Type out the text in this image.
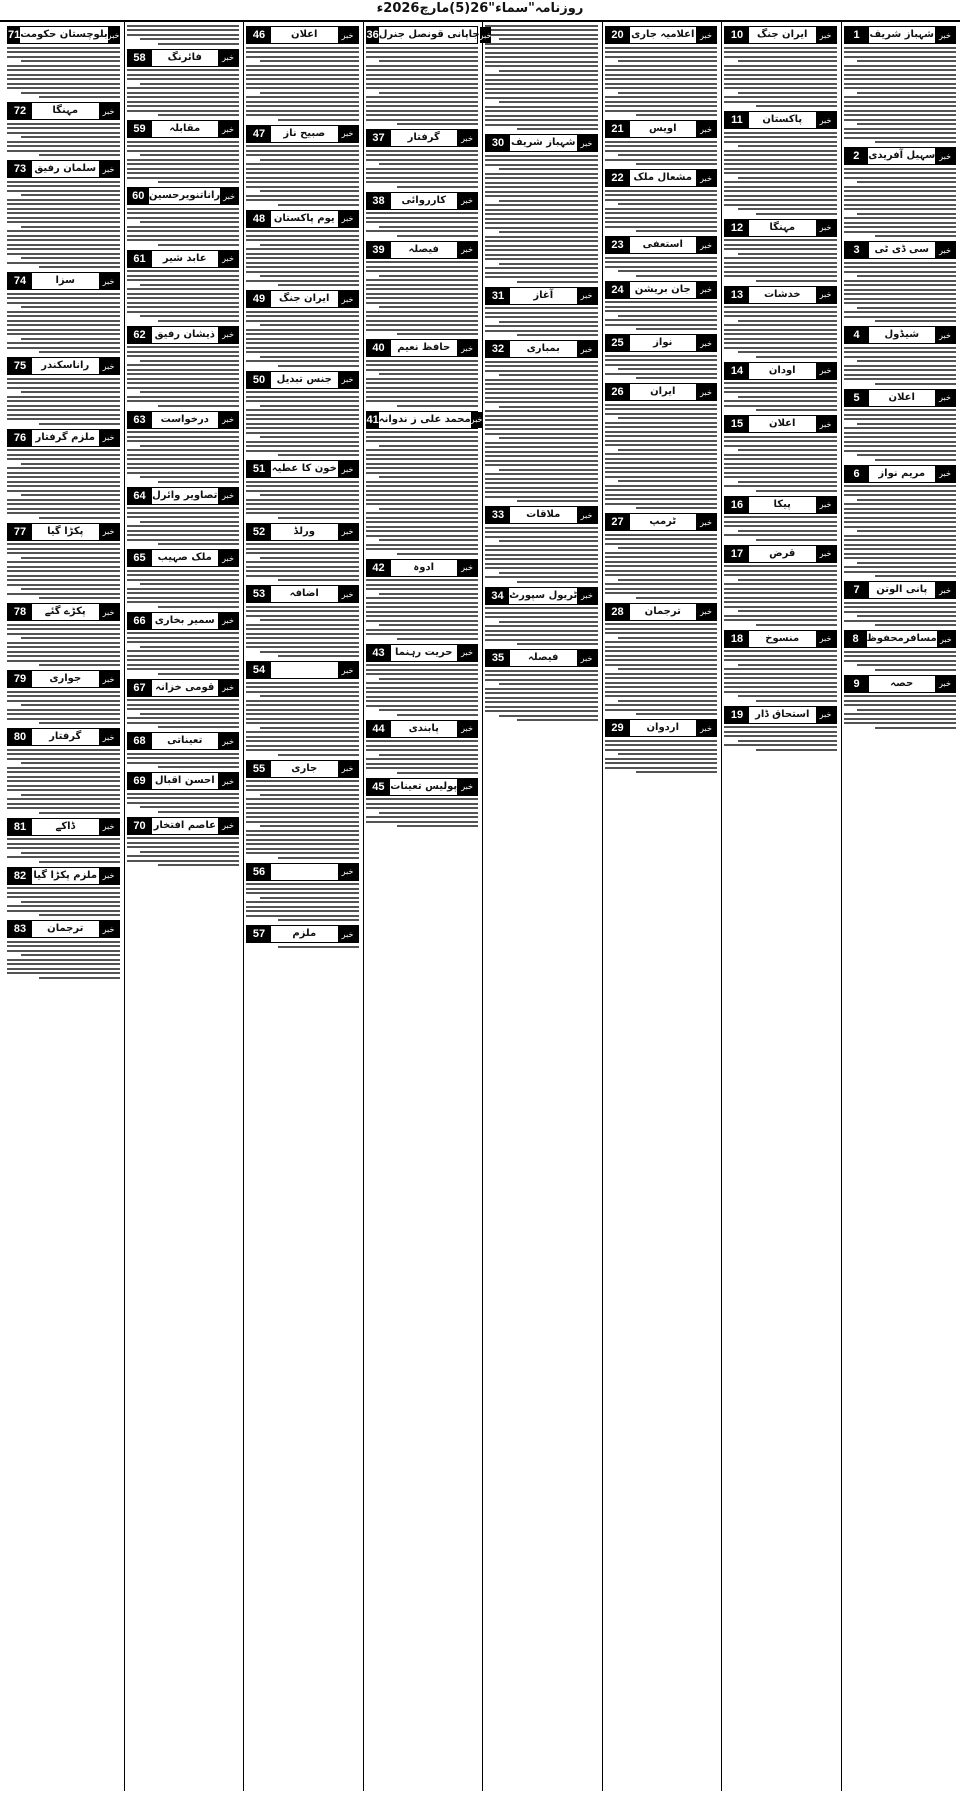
روزنامہ"سماء"26(5)مارچ2026ء
1 شہباز شریف خبر
2 سہیل آفریدی خبر
3	سی ڈی ٹی	خبر
4	شیڈول	خبر
5	اعلان	خبر
6	مریم نواز	خبر
7	پانی الوتن	خبر
8 مسافرمحفوظ خبر
9	حصہ	خبر
10	ایران جنگ	خبر
11	پاکستان	خبر
12	مہنگا	خبر
13	خدشات	خبر
14	اودان	خبر
15	اعلان	خبر
16	پیکا	خبر
17	قرض	خبر
18	منسوخ	خبر
19	استحاق ڈار	خبر
20 اعلامیہ جاری خبر
21	اویس	خبر
22 مشعال ملک	خبر
23	استعفی	خبر
24	جان بریشن	خبر
25	نواز	خبر
26	ایران	خبر
27	ٹرمپ	خبر
28	ترجمان	خبر
29	اردوان	خبر
30 شہباز شریف خبر
31	آغاز	خبر
32	بمباری	خبر
33	ملاقات	خبر
34 ٹریول سپورٹ خبر
35	فیصلہ	خبر
36 جاپانی قونصل جنرل خبر
37	گرفتار	خبر
38	کارروائی	خبر
39	فیصلہ	خبر
40	حافظ نعیم	خبر
41 محمد علی ز ندوانہ خبر
42	ادوہ	خبر
43	حریت رہنما	خبر
44	پابندی	خبر
45 پولیس تعینات خبر
46	اعلان	خبر
47	صبیح ناز	خبر
48 یوم پاکستان خبر
49	ایران جنگ	خبر
50	جنس تبدیل	خبر
51 خون کا عطیہ خبر
52	ورلڈ	خبر
53	اضافہ	خبر
54	خبر
55	جاری	خبر
56	خبر
57	ملزم	خبر
58	فائرنگ	خبر
59	مقابلہ	خبر
60 راناتنویرحسین خبر
61	عابد شیر	خبر
62 ذیشان رفیق خبر
63	درخواست	خبر
64 تصاویر وائرل خبر
65	ملک صہیب	خبر
66 سمیر بخاری خبر
67 قومی خزانہ خبر
68	تعیناتی	خبر
69 احسن اقبال خبر
70 عاصم افتخار خبر
71 بلوچستان حکومت خبر
72	مہنگا	خبر
73 سلمان رفیق خبر
74	سزا	خبر
75	راناسکندر	خبر
76 ملزم گرفتار خبر
77	پکڑا گیا	خبر
78	پکڑے گئے	خبر
79	جواری	خبر
80	گرفتار	خبر
81	ڈاکے	خبر
82 ملزم پکڑا گیا خبر
83	ترجمان	خبر
